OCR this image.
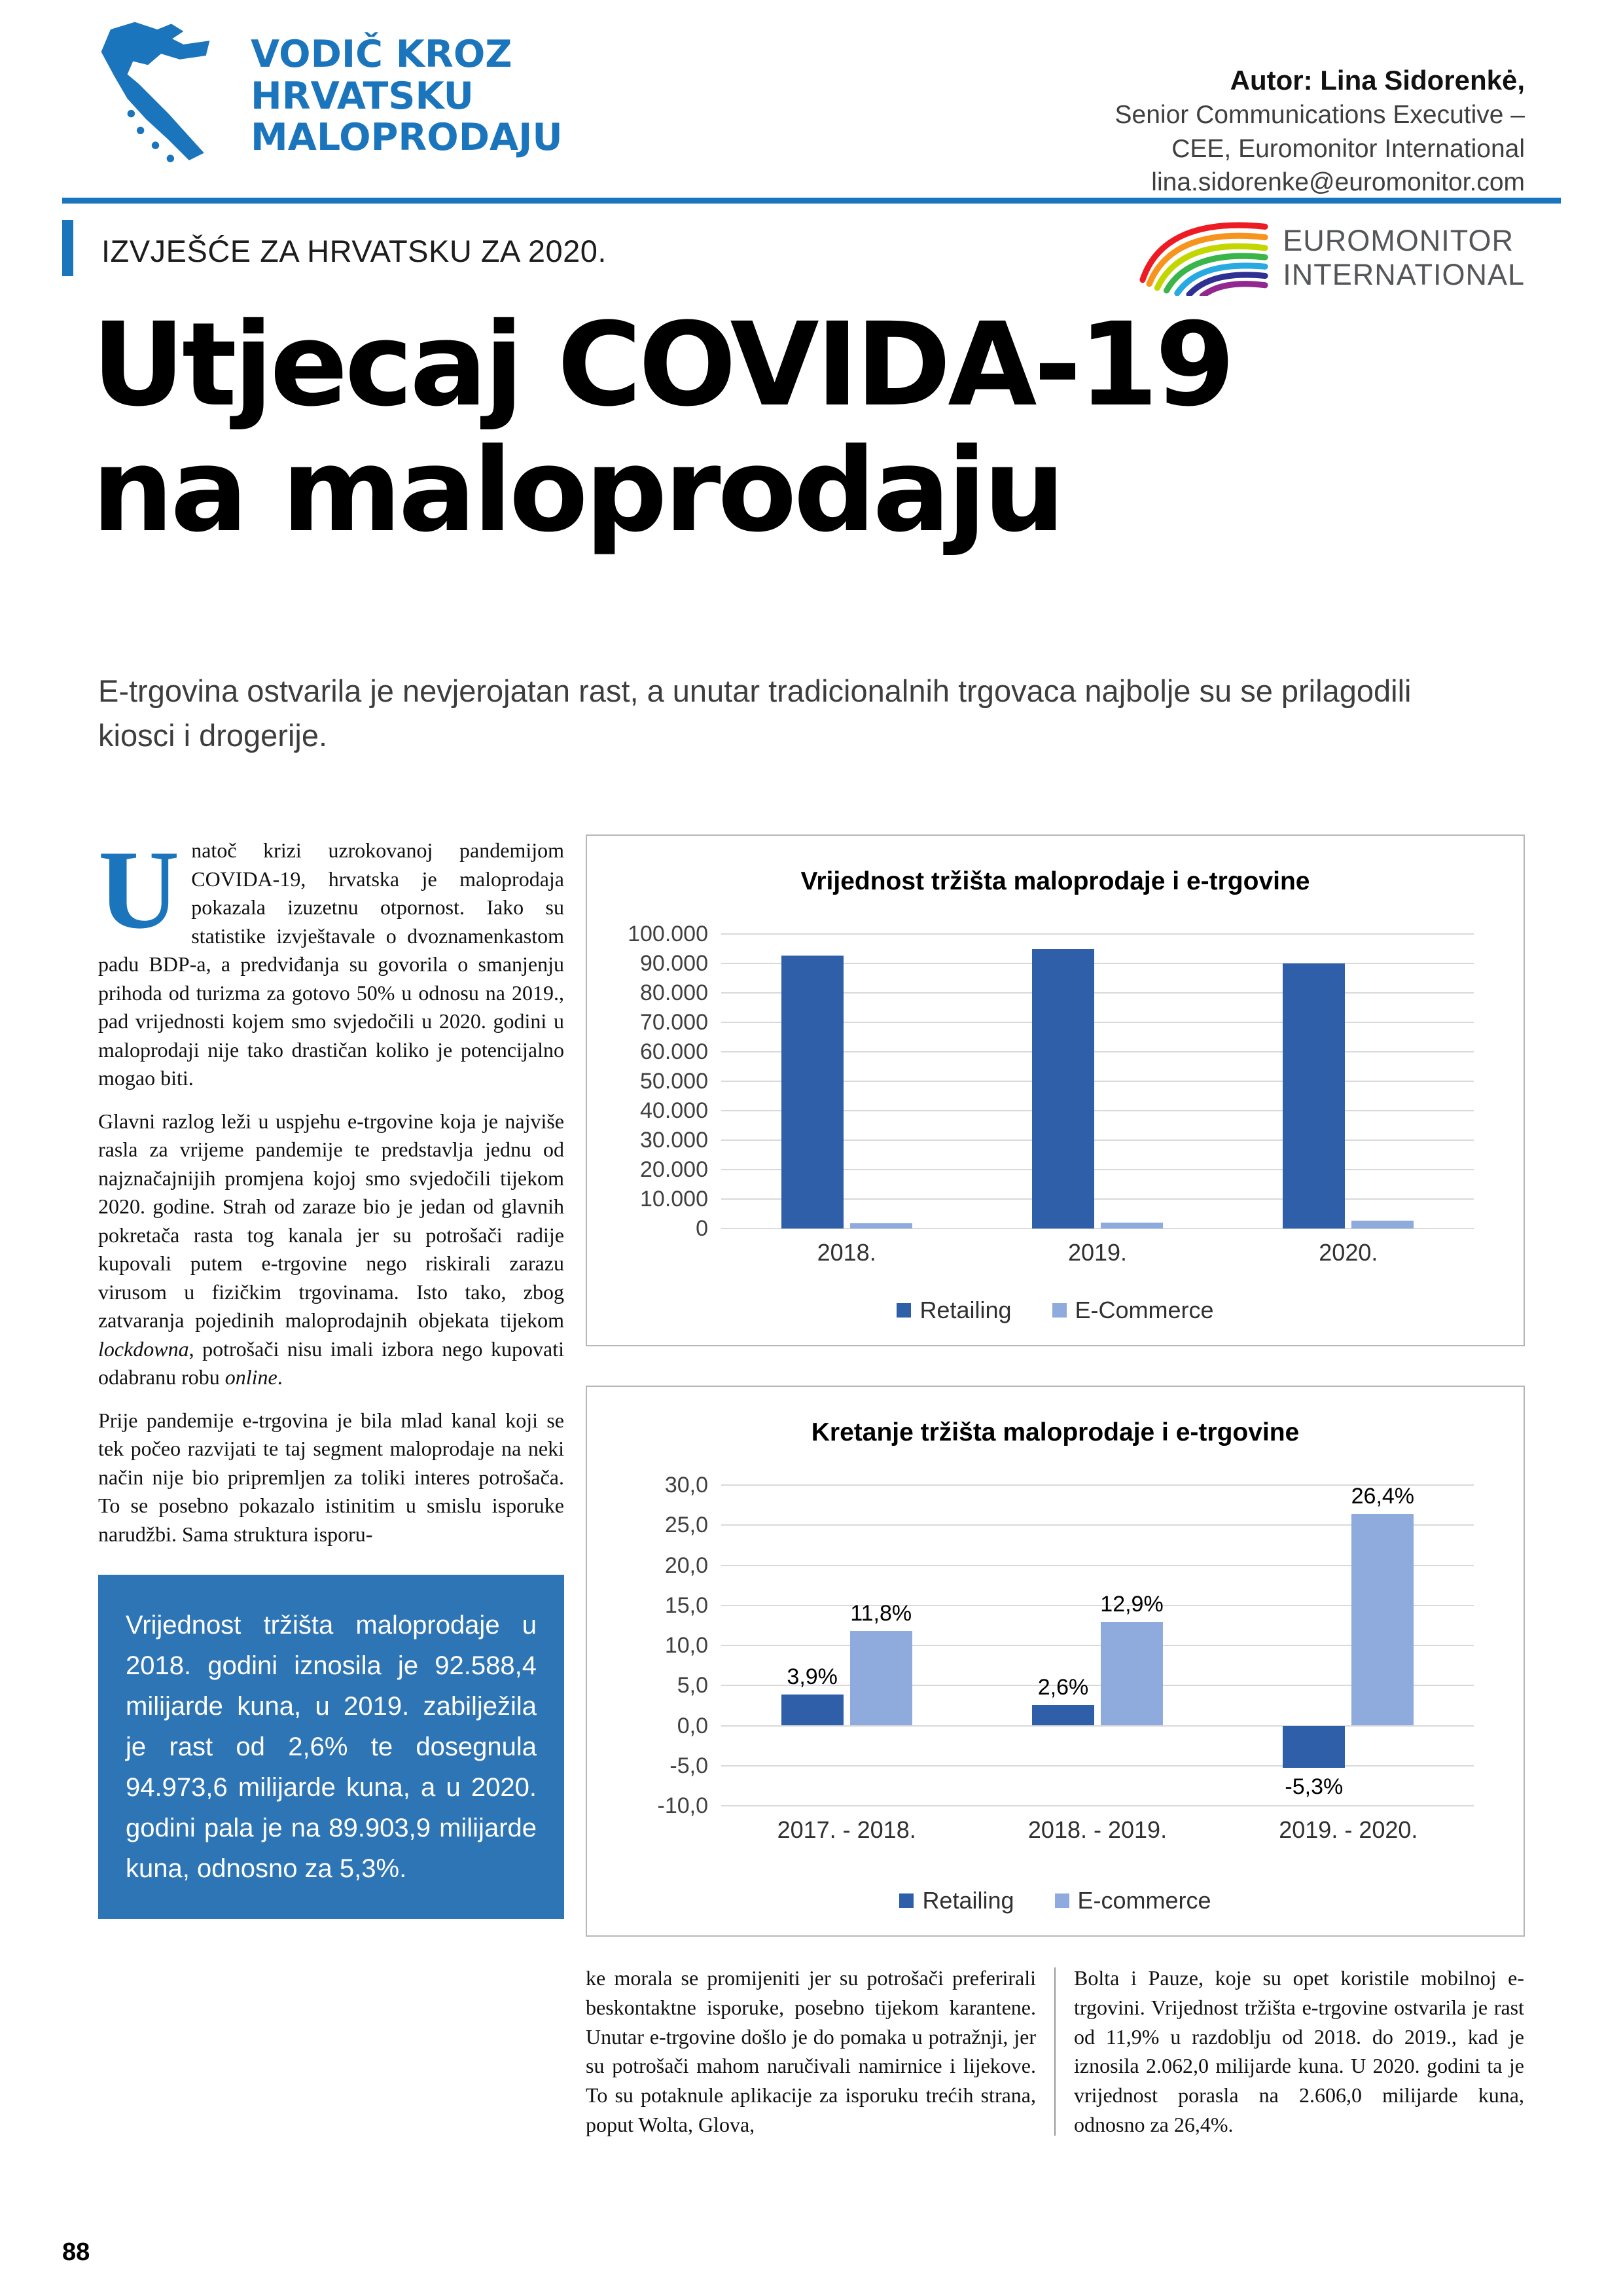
VODIČ KROZ
HRVATSKU
MALOPRODAJU
Autor: Lina Sidorenkė,
Senior Communications Executive –
CEE, Euromonitor International
lina.sidorenke@euromonitor.com
IZVJEŠĆE ZA HRVATSKU ZA 2020.	EUROMONITOR
INTERNATIONAL
Utjecaj COVIDA-19
na maloprodaju
E-trgovina ostvarila je nevjerojatan rast, a unutar tradicionalnih trgovaca najbolje su se prilagodili kiosci i drogerije.

Unatoč krizi uzrokovanoj pandemijom COVIDA-19, hrvatska je maloprodaja pokazala izuzetnu otpornost. Iako su statistike izvještavale o dvoznamenkastom padu BDP-a, a predviđanja su govorila o smanjenju prihoda od turizma za gotovo 50% u odnosu na 2019., pad vrijednosti kojem smo svjedočili u 2020. godini u maloprodaji nije tako drastičan koliko je potencijalno mogao biti.

Glavni razlog leži u uspjehu e-trgovine koja je najviše rasla za vrijeme pandemije te predstavlja jednu od najznačajnijih promjena kojoj smo svjedočili tijekom 2020. godine. Strah od zaraze bio je jedan od glavnih pokretača rasta tog kanala jer su potrošači radije kupovali putem e-trgovine nego riskirali zarazu virusom u fizičkim trgovinama. Isto tako, zbog zatvaranja pojedinih maloprodajnih objekata tijekom lockdowna, potrošači nisu imali izbora nego kupovati odabranu robu online.

Prije pandemije e-trgovina je bila mlad kanal koji se tek počeo razvijati te taj segment maloprodaje na neki način nije bio pripremljen za toliki interes potrošača. To se posebno pokazalo istinitim u smislu isporuke narudžbi. Sama struktura isporu-

Vrijednost tržišta maloprodaje u 2018. godini iznosila je 92.588,4 milijarde kuna, u 2019. zabilježila je rast od 2,6% te dosegnula 94.973,6 milijarde kuna, a u 2020. godini pala je na 89.903,9 milijarde kuna, odnosno za 5,3%.
Vrijednost tržišta maloprodaje i e-trgovine
0
10.000
20.000
30.000
40.000
50.000
60.000
70.000
80.000
90.000
100.000
2018.	2019.	2020.
Retailing	E-Commerce
Kretanje tržišta maloprodaje i e-trgovine
-10,0
-5,0
0,0
5,0
10,0
15,0
20,0
25,0
30,0
3,9%	2,6%
-5,3%
11,8%	12,9%
26,4%
2017. - 2018.	2018. - 2019.	2019. - 2020.
Retailing	E-commerce
ke morala se promijeniti jer su potrošači preferirali beskontaktne isporuke, posebno tijekom karantene. Unutar e-trgovine došlo je do pomaka u potražnji, jer su potrošači mahom naručivali namirnice i lijekove. To su potaknule aplikacije za isporuku trećih strana, poput Wolta, Glova,
Bolta i Pauze, koje su opet koristile mobilnoj e-trgovini. Vrijednost tržišta e-trgovine ostvarila je rast od 11,9% u razdoblju od 2018. do 2019., kad je iznosila 2.062,0 milijarde kuna. U 2020. godini ta je vrijednost porasla na 2.606,0 milijarde kuna, odnosno za 26,4%.
88
